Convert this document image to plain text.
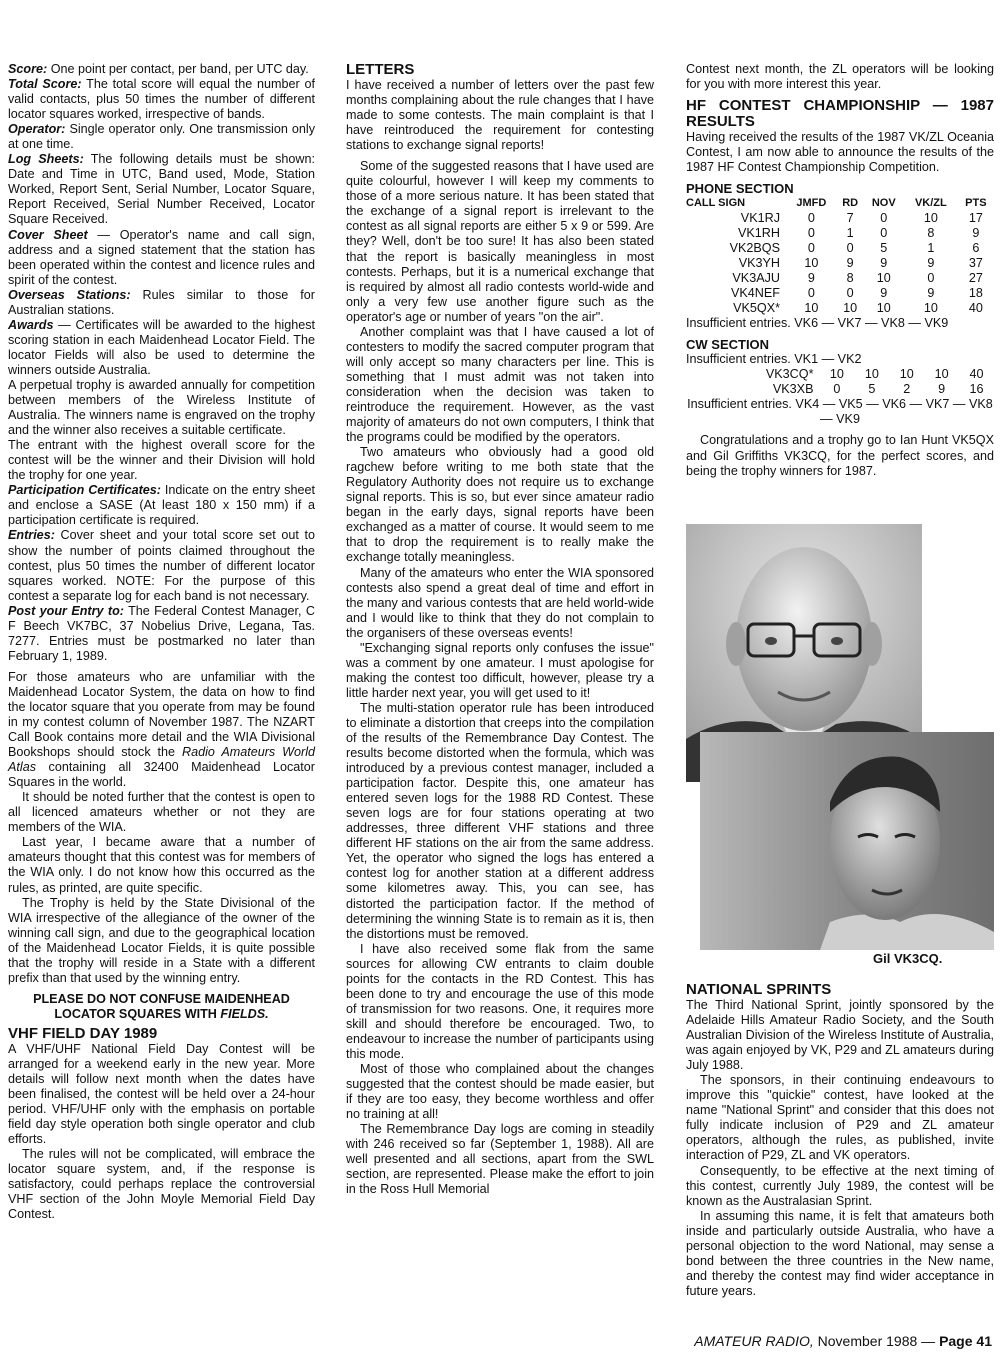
Score: One point per contact, per band, per UTC day.

Total Score: The total score will equal the number of valid contacts, plus 50 times the number of different locator squares worked, irrespective of bands.

Operator: Single operator only. One transmission only at one time.

Log Sheets: The following details must be shown: Date and Time in UTC, Band used, Mode, Station Worked, Report Sent, Serial Number, Locator Square, Report Received, Serial Number Received, Locator Square Received.

Cover Sheet — Operator's name and call sign, address and a signed statement that the station has been operated within the contest and licence rules and spirit of the contest.

Overseas Stations: Rules similar to those for Australian stations.

Awards — Certificates will be awarded to the highest scoring station in each Maidenhead Locator Field. The locator Fields will also be used to determine the winners outside Australia.

A perpetual trophy is awarded annually for competition between members of the Wireless Institute of Australia. The winners name is engraved on the trophy and the winner also receives a suitable certificate.

The entrant with the highest overall score for the contest will be the winner and their Division will hold the trophy for one year.

Participation Certificates: Indicate on the entry sheet and enclose a SASE (At least 180 x 150 mm) if a participation certificate is required.

Entries: Cover sheet and your total score set out to show the number of points claimed throughout the contest, plus 50 times the number of different locator squares worked. NOTE: For the purpose of this contest a separate log for each band is not necessary.

Post your Entry to: The Federal Contest Manager, C F Beech VK7BC, 37 Nobelius Drive, Legana, Tas. 7277. Entries must be postmarked no later than February 1, 1989.

For those amateurs who are unfamiliar with the Maidenhead Locator System, the data on how to find the locator square that you operate from may be found in my contest column of November 1987. The NZART Call Book contains more detail and the WIA Divisional Bookshops should stock the Radio Amateurs World Atlas containing all 32400 Maidenhead Locator Squares in the world.

It should be noted further that the contest is open to all licenced amateurs whether or not they are members of the WIA.

Last year, I became aware that a number of amateurs thought that this contest was for members of the WIA only. I do not know how this occurred as the rules, as printed, are quite specific.

The Trophy is held by the State Divisional of the WIA irrespective of the allegiance of the owner of the winning call sign, and due to the geographical location of the Maidenhead Locator Fields, it is quite possible that the trophy will reside in a State with a different prefix than that used by the winning entry.

PLEASE DO NOT CONFUSE MAIDENHEAD LOCATOR SQUARES WITH FIELDS.

VHF FIELD DAY 1989

A VHF/UHF National Field Day Contest will be arranged for a weekend early in the new year. More details will follow next month when the dates have been finalised, the contest will be held over a 24-hour period. VHF/UHF only with the emphasis on portable field day style operation both single operator and club efforts.

The rules will not be complicated, will embrace the locator square system, and, if the response is satisfactory, could perhaps replace the controversial VHF section of the John Moyle Memorial Field Day Contest.

LETTERS

I have received a number of letters over the past few months complaining about the rule changes that I have made to some contests. The main complaint is that I have reintroduced the requirement for contesting stations to exchange signal reports!

Some of the suggested reasons that I have used are quite colourful, however I will keep my comments to those of a more serious nature. It has been stated that the exchange of a signal report is irrelevant to the contest as all signal reports are either 5 x 9 or 599. Are they? Well, don't be too sure! It has also been stated that the report is basically meaningless in most contests. Perhaps, but it is a numerical exchange that is required by almost all radio contests world-wide and only a very few use another figure such as the operator's age or number of years "on the air".

Another complaint was that I have caused a lot of contesters to modify the sacred computer program that will only accept so many characters per line. This is something that I must admit was not taken into consideration when the decision was taken to reintroduce the requirement. However, as the vast majority of amateurs do not own computers, I think that the programs could be modified by the operators.

Two amateurs who obviously had a good old ragchew before writing to me both state that the Regulatory Authority does not require us to exchange signal reports. This is so, but ever since amateur radio began in the early days, signal reports have been exchanged as a matter of course. It would seem to me that to drop the requirement is to really make the exchange totally meaningless.

Many of the amateurs who enter the WIA sponsored contests also spend a great deal of time and effort in the many and various contests that are held world-wide and I would like to think that they do not complain to the organisers of these overseas events!

"Exchanging signal reports only confuses the issue" was a comment by one amateur. I must apologise for making the contest too difficult, however, please try a little harder next year, you will get used to it!

The multi-station operator rule has been introduced to eliminate a distortion that creeps into the compilation of the results of the Remembrance Day Contest. The results become distorted when the formula, which was introduced by a previous contest manager, included a participation factor. Despite this, one amateur has entered seven logs for the 1988 RD Contest. These seven logs are for four stations operating at two addresses, three different VHF stations and three different HF stations on the air from the same address. Yet, the operator who signed the logs has entered a contest log for another station at a different address some kilometres away. This, you can see, has distorted the participation factor. If the method of determining the winning State is to remain as it is, then the distortions must be removed.

I have also received some flak from the same sources for allowing CW entrants to claim double points for the contacts in the RD Contest. This has been done to try and encourage the use of this mode of transmission for two reasons. One, it requires more skill and should therefore be encouraged. Two, to endeavour to increase the number of participants using this mode.

Most of those who complained about the changes suggested that the contest should be made easier, but if they are too easy, they become worthless and offer no training at all!

The Remembrance Day logs are coming in steadily with 246 received so far (September 1, 1988). All are well presented and all sections, apart from the SWL section, are represented. Please make the effort to join in the Ross Hull Memorial

Contest next month, the ZL operators will be looking for you with more interest this year.

HF CONTEST CHAMPIONSHIP — 1987 RESULTS

Having received the results of the 1987 VK/ZL Oceania Contest, I am now able to announce the results of the 1987 HF Contest Championship Competition.

PHONE SECTION
CALL SIGN	JMFD	RD	NOV	VK/ZL	PTS
VK1RJ	0	7	0	10	17
VK1RH	0	1	0	8	9
VK2BQS	0	0	5	1	6
VK3YH	10	9	9	9	37
VK3AJU	9	8	10	0	27
VK4NEF	0	0	9	9	18
VK5QX*	10	10	10	10	40

Insufficient entries. VK6 — VK7 — VK8 — VK9

CW SECTION

Insufficient entries. VK1 — VK2

VK3CQ*	10	10	10	10	40
VK3XB	0	5	2	9	16

Insufficient entries. VK4 — VK5 — VK6 — VK7 — VK8 — VK9

Congratulations and a trophy go to Ian Hunt VK5QX and Gil Griffiths VK3CQ, for the perfect scores, and being the trophy winners for 1987.

Gil VK3CQ.
NATIONAL SPRINTS

The Third National Sprint, jointly sponsored by the Adelaide Hills Amateur Radio Society, and the South Australian Division of the Wireless Institute of Australia, was again enjoyed by VK, P29 and ZL amateurs during July 1988.

The sponsors, in their continuing endeavours to improve this "quickie" contest, have looked at the name "National Sprint" and consider that this does not fully indicate inclusion of P29 and ZL amateur operators, although the rules, as published, invite interaction of P29, ZL and VK operators.

Consequently, to be effective at the next timing of this contest, currently July 1989, the contest will be known as the Australasian Sprint.

In assuming this name, it is felt that amateurs both inside and particularly outside Australia, who have a personal objection to the word National, may sense a bond between the three countries in the New name, and thereby the contest may find wider acceptance in future years.

AMATEUR RADIO, November 1988 — Page 41
